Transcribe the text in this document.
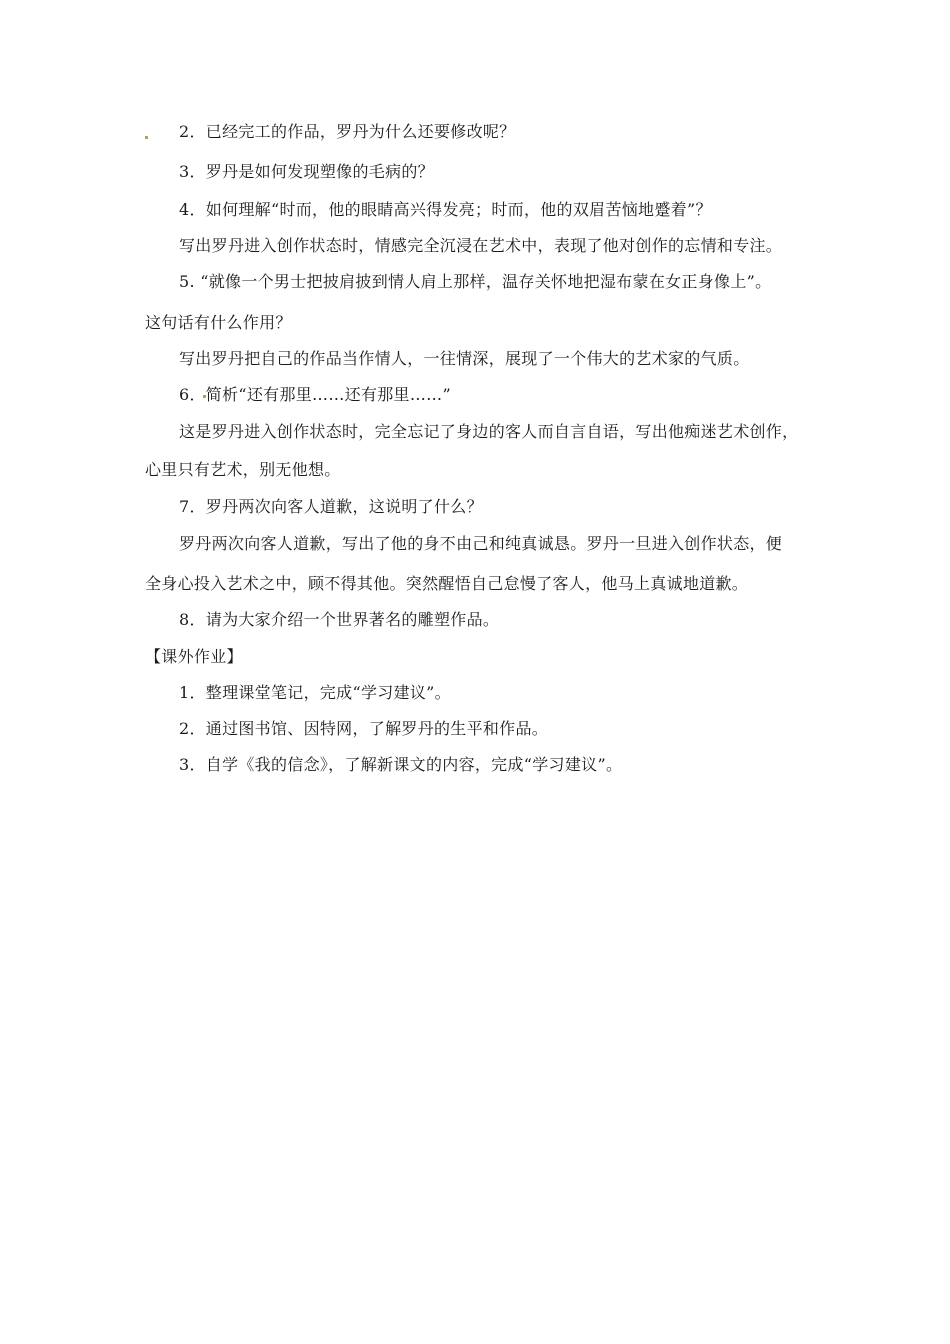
2．已经完工的作品，罗丹为什么还要修改呢？
3．罗丹是如何发现塑像的毛病的？
4．如何理解“时而，他的眼睛高兴得发亮；时而，他的双眉苦恼地蹙着”？
写出罗丹进入创作状态时，情感完全沉浸在艺术中，表现了他对创作的忘情和专注。
5. “就像一个男士把披肩披到情人肩上那样，温存关怀地把湿布蒙在女正身像上”。
这句话有什么作用？
写出罗丹把自己的作品当作情人，一往情深，展现了一个伟大的艺术家的气质。
6．简析“还有那里……还有那里……”
这是罗丹进入创作状态时，完全忘记了身边的客人而自言自语，写出他痴迷艺术创作，
心里只有艺术，别无他想。
7．罗丹两次向客人道歉，这说明了什么？
罗丹两次向客人道歉，写出了他的身不由己和纯真诚恳。罗丹一旦进入创作状态，便
全身心投入艺术之中，顾不得其他。突然醒悟自己怠慢了客人，他马上真诚地道歉。
8．请为大家介绍一个世界著名的雕塑作品。
【课外作业】
1．整理课堂笔记，完成“学习建议”。
2．通过图书馆、因特网，了解罗丹的生平和作品。
3．自学《我的信念》，了解新课文的内容，完成“学习建议”。
